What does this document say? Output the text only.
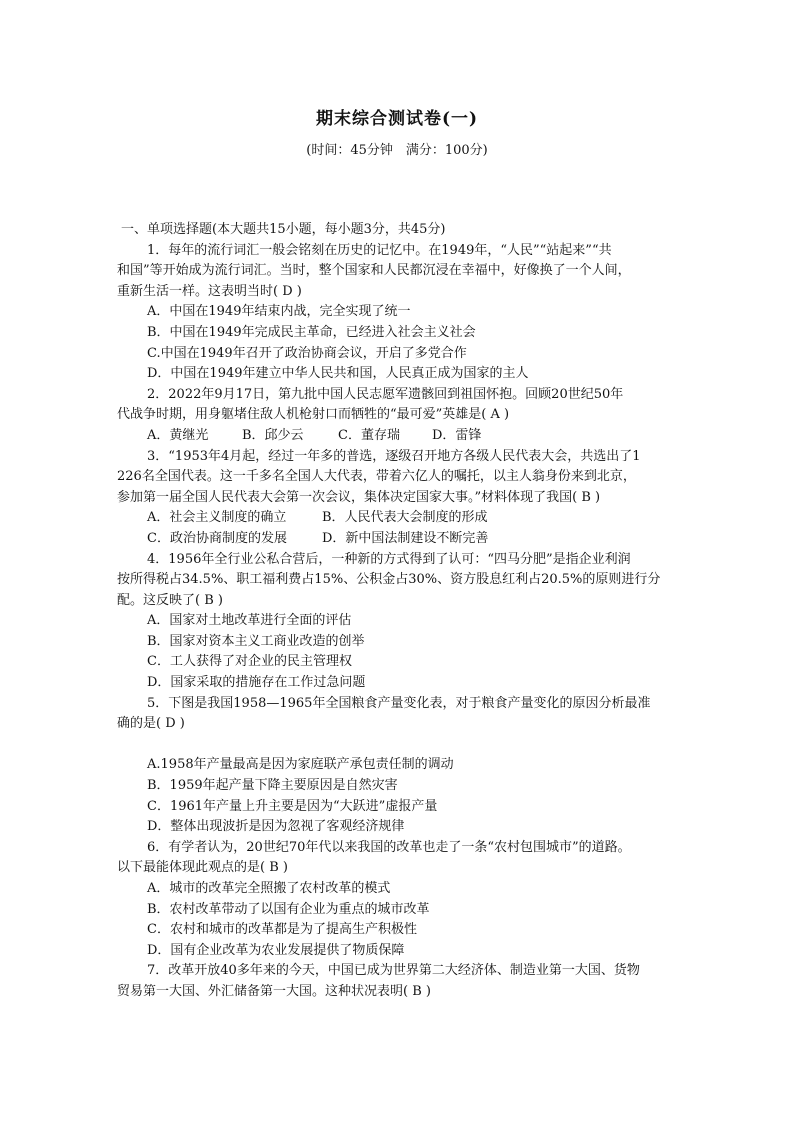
期末综合测试卷(一)
(时间：45分钟　满分：100分)
一、单项选择题(本大题共15小题，每小题3分，共45分)
1．每年的流行词汇一般会铭刻在历史的记忆中。在1949年，“人民”“站起来”“共
和国”等开始成为流行词汇。当时，整个国家和人民都沉浸在幸福中，好像换了一个人间，
重新生活一样。这表明当时( D )
A．中国在1949年结束内战，完全实现了统一
B．中国在1949年完成民主革命，已经进入社会主义社会
C.中国在1949年召开了政治协商会议，开启了多党合作
D．中国在1949年建立中华人民共和国，人民真正成为国家的主人
2．2022年9月17日，第九批中国人民志愿军遗骸回到祖国怀抱。回顾20世纪50年
代战争时期，用身躯堵住敌人机枪射口而牺牲的“最可爱”英雄是( A )
A．黄继光	B．邱少云	C．董存瑞 D．雷锋
3．“1953年4月起，经过一年多的普选，逐级召开地方各级人民代表大会，共选出了1
226名全国代表。这一千多名全国人大代表，带着六亿人的嘱托，以主人翁身份来到北京，
参加第一届全国人民代表大会第一次会议，集体决定国家大事。”材料体现了我国( B )
A．社会主义制度的确立	B．人民代表大会制度的形成
C．政治协商制度的发展	D．新中国法制建设不断完善
4．1956年全行业公私合营后，一种新的方式得到了认可：“四马分肥”是指企业利润
按所得税占34.5%、职工福利费占15%、公积金占30%、资方股息红利占20.5%的原则进行分
配。这反映了( B )
A．国家对土地改革进行全面的评估
B．国家对资本主义工商业改造的创举
C．工人获得了对企业的民主管理权
D．国家采取的措施存在工作过急问题
5．下图是我国1958—1965年全国粮食产量变化表，对于粮食产量变化的原因分析最准
确的是( D )
A.1958年产量最高是因为家庭联产承包责任制的调动
B．1959年起产量下降主要原因是自然灾害
C．1961年产量上升主要是因为“大跃进”虚报产量
D．整体出现波折是因为忽视了客观经济规律
6．有学者认为，20世纪70年代以来我国的改革也走了一条“农村包围城市”的道路。
以下最能体现此观点的是( B )
A．城市的改革完全照搬了农村改革的模式
B．农村改革带动了以国有企业为重点的城市改革
C．农村和城市的改革都是为了提高生产积极性
D．国有企业改革为农业发展提供了物质保障
7．改革开放40多年来的今天，中国已成为世界第二大经济体、制造业第一大国、货物
贸易第一大国、外汇储备第一大国。这种状况表明( B )
